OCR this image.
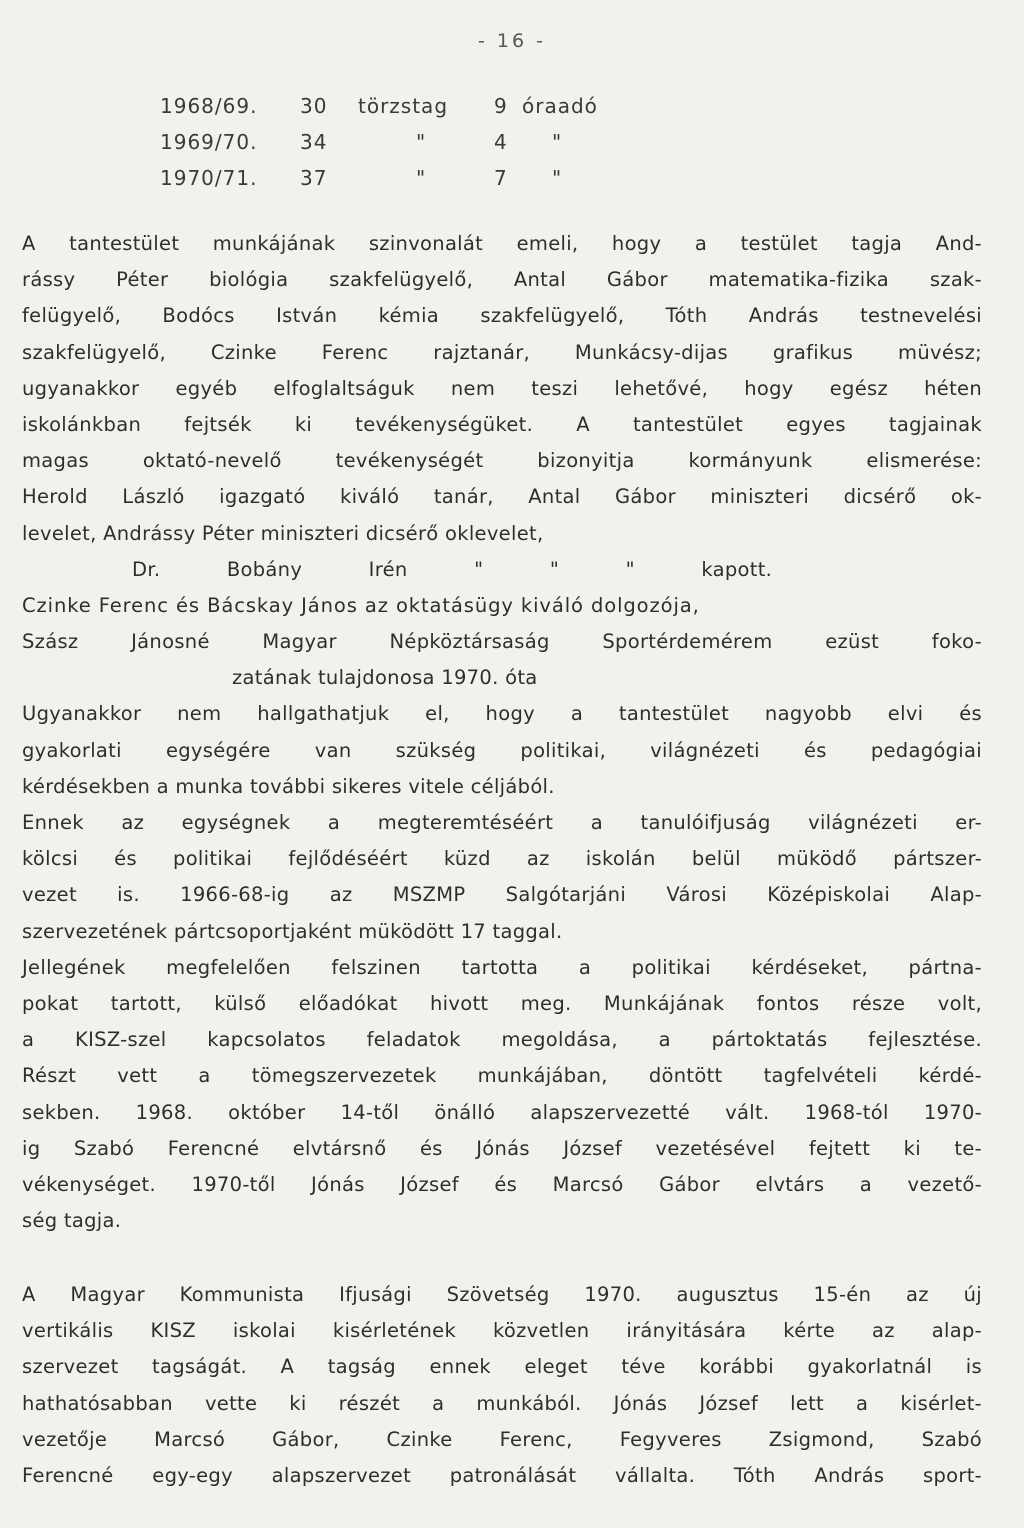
- 16 -
1968/69.	30	törzstag	9 óraadó
1969/70.	34	"	4	"
1970/71.	37	"	7	"
A tantestület munkájának szinvonalát emeli, hogy a testület tagja And-
rássy Péter biológia szakfelügyelő, Antal Gábor matematika-fizika szak-
felügyelő, Bodócs István kémia szakfelügyelő, Tóth András testnevelési
szakfelügyelő, Czinke Ferenc rajztanár, Munkácsy-dijas grafikus müvész;
ugyanakkor egyéb elfoglaltságuk nem teszi lehetővé, hogy egész héten
iskolánkban fejtsék ki tevékenységüket. A tantestület egyes tagjainak
magas oktató-nevelő tevékenységét bizonyitja kormányunk elismerése:
Herold László igazgató kiváló tanár, Antal Gábor miniszteri dicsérő ok-
levelet, Andrássy Péter miniszteri dicsérő oklevelet,
Dr. Bobány Irén " " " kapott.
Czinke Ferenc és Bácskay János az oktatásügy kiváló dolgozója,
Szász Jánosné Magyar Népköztársaság Sportérdemérem ezüst foko-
zatának tulajdonosa 1970. óta
Ugyanakkor nem hallgathatjuk el, hogy a tantestület nagyobb elvi és
gyakorlati egységére van szükség politikai, világnézeti és pedagógiai
kérdésekben a munka további sikeres vitele céljából.
Ennek az egységnek a megteremtéséért a tanulóifjuság világnézeti er-
kölcsi és politikai fejlődéséért küzd az iskolán belül müködő pártszer-
vezet is. 1966-68-ig az MSZMP Salgótarjáni Városi Középiskolai Alap-
szervezetének pártcsoportjaként müködött 17 taggal.
Jellegének megfelelően felszinen tartotta a politikai kérdéseket, pártna-
pokat tartott, külső előadókat hivott meg. Munkájának fontos része volt,
a KISZ-szel kapcsolatos feladatok megoldása, a pártoktatás fejlesztése.
Részt vett a tömegszervezetek munkájában, döntött tagfelvételi kérdé-
sekben. 1968. október 14-től önálló alapszervezetté vált. 1968-tól 1970-
ig Szabó Ferencné elvtársnő és Jónás József vezetésével fejtett ki te-
vékenységet. 1970-től Jónás József és Marcsó Gábor elvtárs a vezető-
ség tagja.
A Magyar Kommunista Ifjusági Szövetség 1970. augusztus 15-én az új
vertikális KISZ iskolai kisérletének közvetlen irányitására kérte az alap-
szervezet tagságát. A tagság ennek eleget téve korábbi gyakorlatnál is
hathatósabban vette ki részét a munkából. Jónás József lett a kisérlet-
vezetője Marcsó Gábor, Czinke Ferenc, Fegyveres Zsigmond, Szabó
Ferencné egy-egy alapszervezet patronálását vállalta. Tóth András sport-
